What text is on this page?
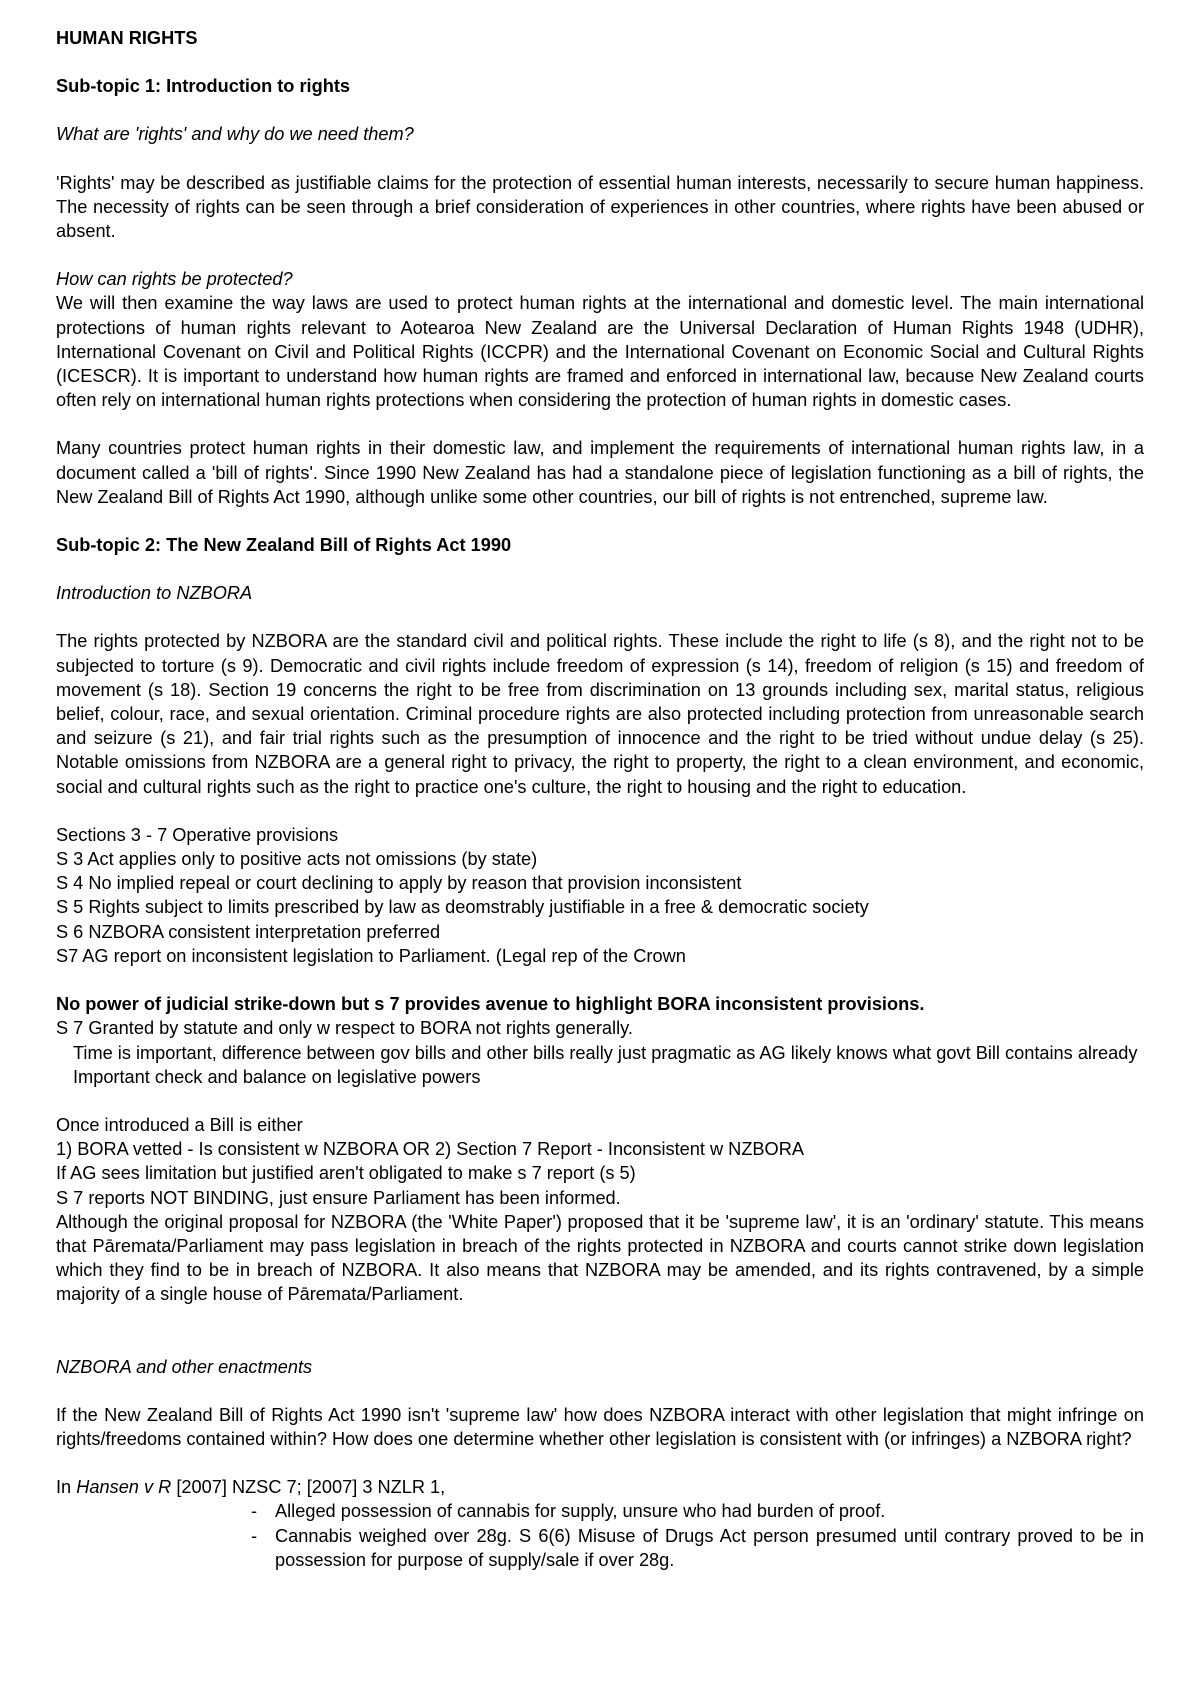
HUMAN RIGHTS

Sub-topic 1: Introduction to rights

What are 'rights' and why do we need them?

'Rights' may be described as justifiable claims for the protection of essential human interests, necessarily to secure human happiness. The necessity of rights can be seen through a brief consideration of experiences in other countries, where rights have been abused or absent.

How can rights be protected?

We will then examine the way laws are used to protect human rights at the international and domestic level. The main international protections of human rights relevant to Aotearoa New Zealand are the Universal Declaration of Human Rights 1948 (UDHR), International Covenant on Civil and Political Rights (ICCPR) and the International Covenant on Economic Social and Cultural Rights (ICESCR). It is important to understand how human rights are framed and enforced in international law, because New Zealand courts often rely on international human rights protections when considering the protection of human rights in domestic cases.

Many countries protect human rights in their domestic law, and implement the requirements of international human rights law, in a document called a 'bill of rights'. Since 1990 New Zealand has had a standalone piece of legislation functioning as a bill of rights, the New Zealand Bill of Rights Act 1990, although unlike some other countries, our bill of rights is not entrenched, supreme law.

Sub-topic 2: The New Zealand Bill of Rights Act 1990

Introduction to NZBORA

The rights protected by NZBORA are the standard civil and political rights. These include the right to life (s 8), and the right not to be subjected to torture (s 9). Democratic and civil rights include freedom of expression (s 14), freedom of religion (s 15) and freedom of movement (s 18). Section 19 concerns the right to be free from discrimination on 13 grounds including sex, marital status, religious belief, colour, race, and sexual orientation. Criminal procedure rights are also protected including protection from unreasonable search and seizure (s 21), and fair trial rights such as the presumption of innocence and the right to be tried without undue delay (s 25). Notable omissions from NZBORA are a general right to privacy, the right to property, the right to a clean environment, and economic, social and cultural rights such as the right to practice one's culture, the right to housing and the right to education.

Sections 3 - 7 Operative provisions

S 3 Act applies only to positive acts not omissions (by state)

S 4 No implied repeal or court declining to apply by reason that provision inconsistent

S 5 Rights subject to limits prescribed by law as deomstrably justifiable in a free & democratic society

S 6 NZBORA consistent interpretation preferred

S7 AG report on inconsistent legislation to Parliament. (Legal rep of the Crown

No power of judicial strike-down but s 7 provides avenue to highlight BORA inconsistent provisions.

S 7 Granted by statute and only w respect to BORA not rights generally.

Time is important, difference between gov bills and other bills really just pragmatic as AG likely knows what govt Bill contains already

Important check and balance on legislative powers

Once introduced a Bill is either

1) BORA vetted - Is consistent w NZBORA OR 2) Section 7 Report - Inconsistent w NZBORA

If AG sees limitation but justified aren't obligated to make s 7 report (s 5)

S 7 reports NOT BINDING, just ensure Parliament has been informed.

Although the original proposal for NZBORA (the 'White Paper') proposed that it be 'supreme law', it is an 'ordinary' statute. This means that Pāremata/Parliament may pass legislation in breach of the rights protected in NZBORA and courts cannot strike down legislation which they find to be in breach of NZBORA. It also means that NZBORA may be amended, and its rights contravened, by a simple majority of a single house of Pāremata/Parliament.

NZBORA and other enactments

If the New Zealand Bill of Rights Act 1990 isn't 'supreme law' how does NZBORA interact with other legislation that might infringe on rights/freedoms contained within? How does one determine whether other legislation is consistent with (or infringes) a NZBORA right?

In Hansen v R [2007] NZSC 7; [2007] 3 NZLR 1,

- Alleged possession of cannabis for supply, unsure who had burden of proof.
- Cannabis weighed over 28g. S 6(6) Misuse of Drugs Act person presumed until contrary proved to be in possession for purpose of supply/sale if over 28g.
